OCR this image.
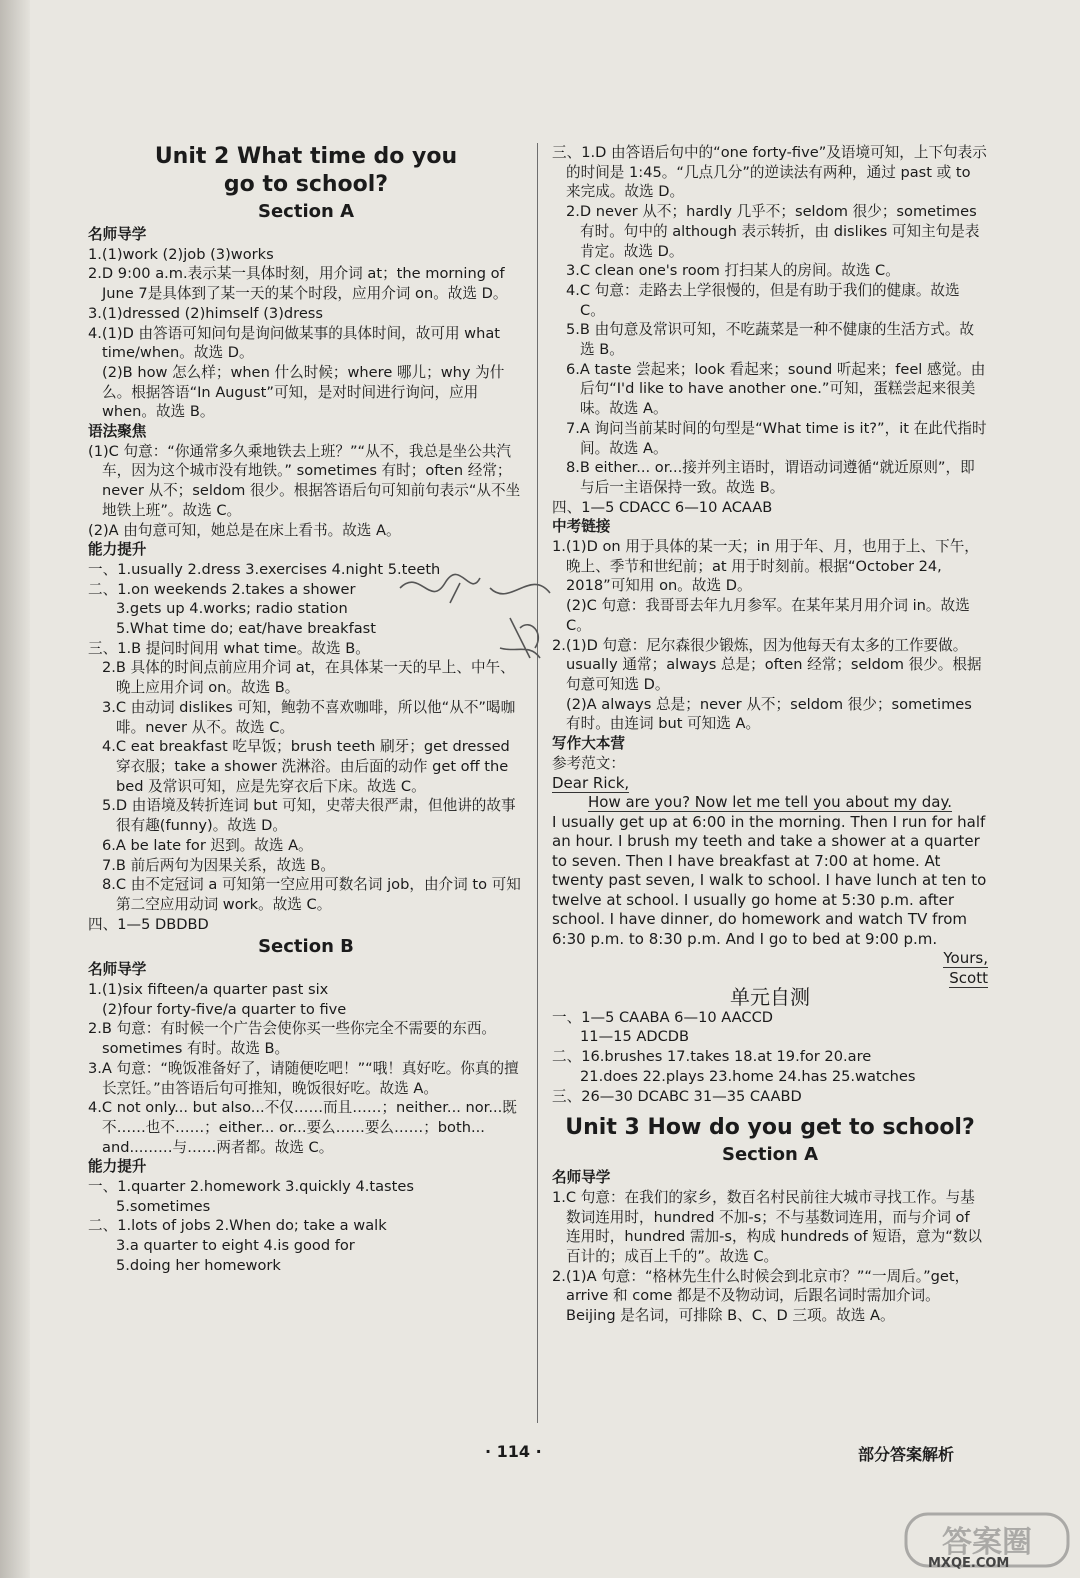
Unit 2 What time do you

go to school?

Section A

名师导学

1.(1)work (2)job (3)works

2.D 9:00 a.m.表示某一具体时刻，用介词 at；the morning of June 7是具体到了某一天的某个时段，应用介词 on。故选 D。

3.(1)dressed (2)himself (3)dress

4.(1)D 由答语可知问句是询问做某事的具体时间，故可用 what time/when。故选 D。

(2)B how 怎么样；when 什么时候；where 哪儿；why 为什么。根据答语“In August”可知，是对时间进行询问，应用 when。故选 B。

语法聚焦

(1)C 句意：“你通常多久乘地铁去上班？”“从不，我总是坐公共汽车，因为这个城市没有地铁。” sometimes 有时；often 经常；never 从不；seldom 很少。根据答语后句可知前句表示“从不坐地铁上班”。故选 C。

(2)A 由句意可知，她总是在床上看书。故选 A。

能力提升

一、1.usually 2.dress 3.exercises 4.night 5.teeth

二、1.on weekends 2.takes a shower

3.gets up 4.works; radio station

5.What time do; eat/have breakfast

三、1.B 提问时间用 what time。故选 B。

2.B 具体的时间点前应用介词 at，在具体某一天的早上、中午、晚上应用介词 on。故选 B。

3.C 由动词 dislikes 可知，鲍勃不喜欢咖啡，所以他“从不”喝咖啡。never 从不。故选 C。

4.C eat breakfast 吃早饭；brush teeth 刷牙；get dressed 穿衣服；take a shower 洗淋浴。由后面的动作 get off the bed 及常识可知，应是先穿衣后下床。故选 C。

5.D 由语境及转折连词 but 可知，史蒂夫很严肃，但他讲的故事很有趣(funny)。故选 D。

6.A be late for 迟到。故选 A。

7.B 前后两句为因果关系，故选 B。

8.C 由不定冠词 a 可知第一空应用可数名词 job，由介词 to 可知第二空应用动词 work。故选 C。

四、1—5 DBDBD

Section B

名师导学

1.(1)six fifteen/a quarter past six

(2)four forty-five/a quarter to five

2.B 句意：有时候一个广告会使你买一些你完全不需要的东西。sometimes 有时。故选 B。

3.A 句意：“晚饭准备好了，请随便吃吧！”“哦！真好吃。你真的擅长烹饪。”由答语后句可推知，晚饭很好吃。故选 A。

4.C not only... but also...不仅……而且……；neither... nor...既不……也不……；either... or...要么……要么……；both... and...……与……两者都。故选 C。

能力提升

一、1.quarter 2.homework 3.quickly 4.tastes

5.sometimes

二、1.lots of jobs 2.When do; take a walk

3.a quarter to eight 4.is good for

5.doing her homework

三、1.D 由答语后句中的“one forty-five”及语境可知，上下句表示的时间是 1:45。“几点几分”的逆读法有两种，通过 past 或 to 来完成。故选 D。

2.D never 从不；hardly 几乎不；seldom 很少；sometimes 有时。句中的 although 表示转折，由 dislikes 可知主句是表肯定。故选 D。

3.C clean one's room 打扫某人的房间。故选 C。

4.C 句意：走路去上学很慢的，但是有助于我们的健康。故选 C。

5.B 由句意及常识可知，不吃蔬菜是一种不健康的生活方式。故选 B。

6.A taste 尝起来；look 看起来；sound 听起来；feel 感觉。由后句“I'd like to have another one.”可知，蛋糕尝起来很美味。故选 A。

7.A 询问当前某时间的句型是“What time is it?”，it 在此代指时间。故选 A。

8.B either... or...接并列主语时，谓语动词遵循“就近原则”，即与后一主语保持一致。故选 B。

四、1—5 CDACC 6—10 ACAAB

中考链接

1.(1)D on 用于具体的某一天；in 用于年、月，也用于上、下午，晚上、季节和世纪前；at 用于时刻前。根据“October 24, 2018”可知用 on。故选 D。

(2)C 句意：我哥哥去年九月参军。在某年某月用介词 in。故选 C。

2.(1)D 句意：尼尔森很少锻炼，因为他每天有太多的工作要做。usually 通常；always 总是；often 经常；seldom 很少。根据句意可知选 D。

(2)A always 总是；never 从不；seldom 很少；sometimes 有时。由连词 but 可知选 A。

写作大本营

参考范文：

Dear Rick,

How are you? Now let me tell you about my day.

I usually get up at 6:00 in the morning. Then I run for half an hour. I brush my teeth and take a shower at a quarter to seven. Then I have breakfast at 7:00 at home. At twenty past seven, I walk to school. I have lunch at ten to twelve at school. I usually go home at 5:30 p.m. after school. I have dinner, do homework and watch TV from 6:30 p.m. to 8:30 p.m. And I go to bed at 9:00 p.m.

Yours,

Scott

单元自测

一、1—5 CAABA 6—10 AACCD

11—15 ADCDB

二、16.brushes 17.takes 18.at 19.for 20.are

21.does 22.plays 23.home 24.has 25.watches

三、26—30 DCABC 31—35 CAABD

Unit 3 How do you get to school?

Section A

名师导学

1.C 句意：在我们的家乡，数百名村民前往大城市寻找工作。与基数词连用时，hundred 不加-s；不与基数词连用，而与介词 of 连用时，hundred 需加-s，构成 hundreds of 短语，意为“数以百计的；成百上千的”。故选 C。

2.(1)A 句意：“格林先生什么时候会到北京市？”“一周后。”get，arrive 和 come 都是不及物动词，后跟名词时需加介词。Beijing 是名词，可排除 B、C、D 三项。故选 A。

· 114 ·	部分答案解析
答案圈
MXQE.COM
